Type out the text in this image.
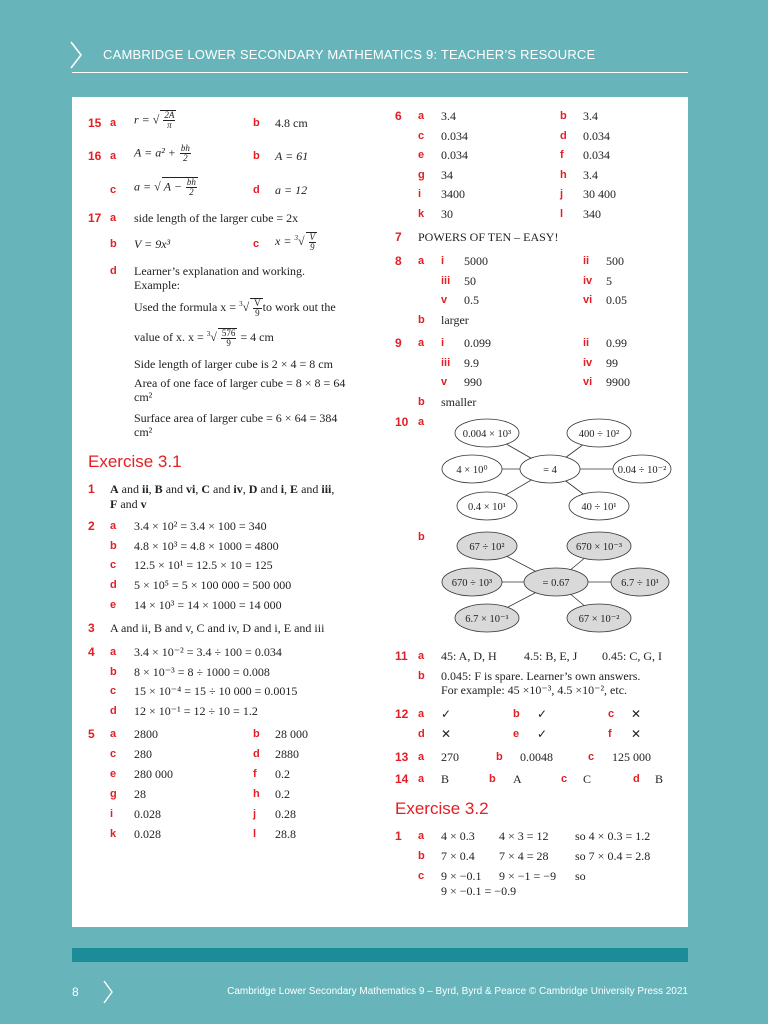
CAMBRIDGE LOWER SECONDARY MATHEMATICS 9: TEACHER’S RESOURCE
15 a r = √ $\frac{2A}{\pi}$	b 4.8 cm
16 a $A = a^2 + \frac{bh}{2}$	b A = 61
c a = √ $A - \frac{bh}{2}$	d a = 12
17 a side length of the larger cube = 2x
b V = 9x³	c $x = ^3√ \frac{V}{9}$
d Learner’s explanation and working.
Example:
Used the formula $x = ^3√ \frac{V}{9}$ to work out the
value of x. $x = ^3√ \frac{576}{9} = 4$ cm
Side length of larger cube is 2 × 4 = 8 cm
Area of one face of larger cube = 8 × 8 = 64 cm²
Surface area of larger cube = 6 × 64 = 384 cm²
Exercise 3.1
1 A and ii, B and vi, C and iv, D and i, E and iii,
F and v
2 a 3.4 × 10² = 3.4 × 100 = 340
b 4.8 × 10³ = 4.8 × 1000 = 4800
c 12.5 × 10¹ = 12.5 × 10 = 125
d 5 × 10⁵ = 5 × 100 000 = 500 000
e 14 × 10³ = 14 × 1000 = 14 000
3 A and ii, B and v, C and iv, D and i, E and iii
4 a 3.4 × 10⁻² = 3.4 ÷ 100 = 0.034
b 8 × 10⁻³ = 8 ÷ 1000 = 0.008
c 15 × 10⁻⁴ = 15 ÷ 10 000 = 0.0015
d 12 × 10⁻¹ = 12 ÷ 10 = 1.2
5 a 2800	b 28 000
c 280	d 2880
e 280 000	f 0.2
g 28	h 0.2
i 0.028	j 0.28
k 0.028	l 28.8
6 a 3.4	b 3.4
c 0.034	d 0.034
e 0.034	f 0.034
g 34	h 3.4
i 3400	j 30 400
k 30	l 340
7 POWERS OF TEN – EASY!
8 a i 5000	ii 500
iii 50	iv 5
v 0.5	vi 0.05
b larger
9 a i 0.099	ii 0.99
iii 9.9	iv 99
v 990	vi 9900
b smaller
10 a
0.004 × 10³	400 ÷ 10²
4 × 10⁰	= 4	0.04 ÷ 10⁻²
0.4 × 10¹	40 ÷ 10¹
b
67 ÷ 10²	670 × 10⁻³
670 ÷ 10³	= 0.67	6.7 ÷ 10¹
6.7 × 10⁻¹	67 × 10⁻²
11 a 45: A, D, H 4.5: B, E, J 0.45: C, G, I
b 0.045: F is spare. Learner’s own answers.
For example: 45 ×10⁻³, 4.5 ×10⁻², etc.
12 a ✓	b ✓	c ✕
d ✕	e ✓	f ✕
13 a 270	b 0.0048	c 125 000
14 a B	b A	c C	d B
Exercise 3.2
1 a 4 × 0.3 4 × 3 = 12 so 4 × 0.3 = 1.2
b 7 × 0.4 7 × 4 = 28 so 7 × 0.4 = 2.8
c 9 × −0.1 9 × −1 = −9 so
9 × −0.1 = −0.9
8	Cambridge Lower Secondary Mathematics 9 – Byrd, Byrd & Pearce © Cambridge University Press 2021
